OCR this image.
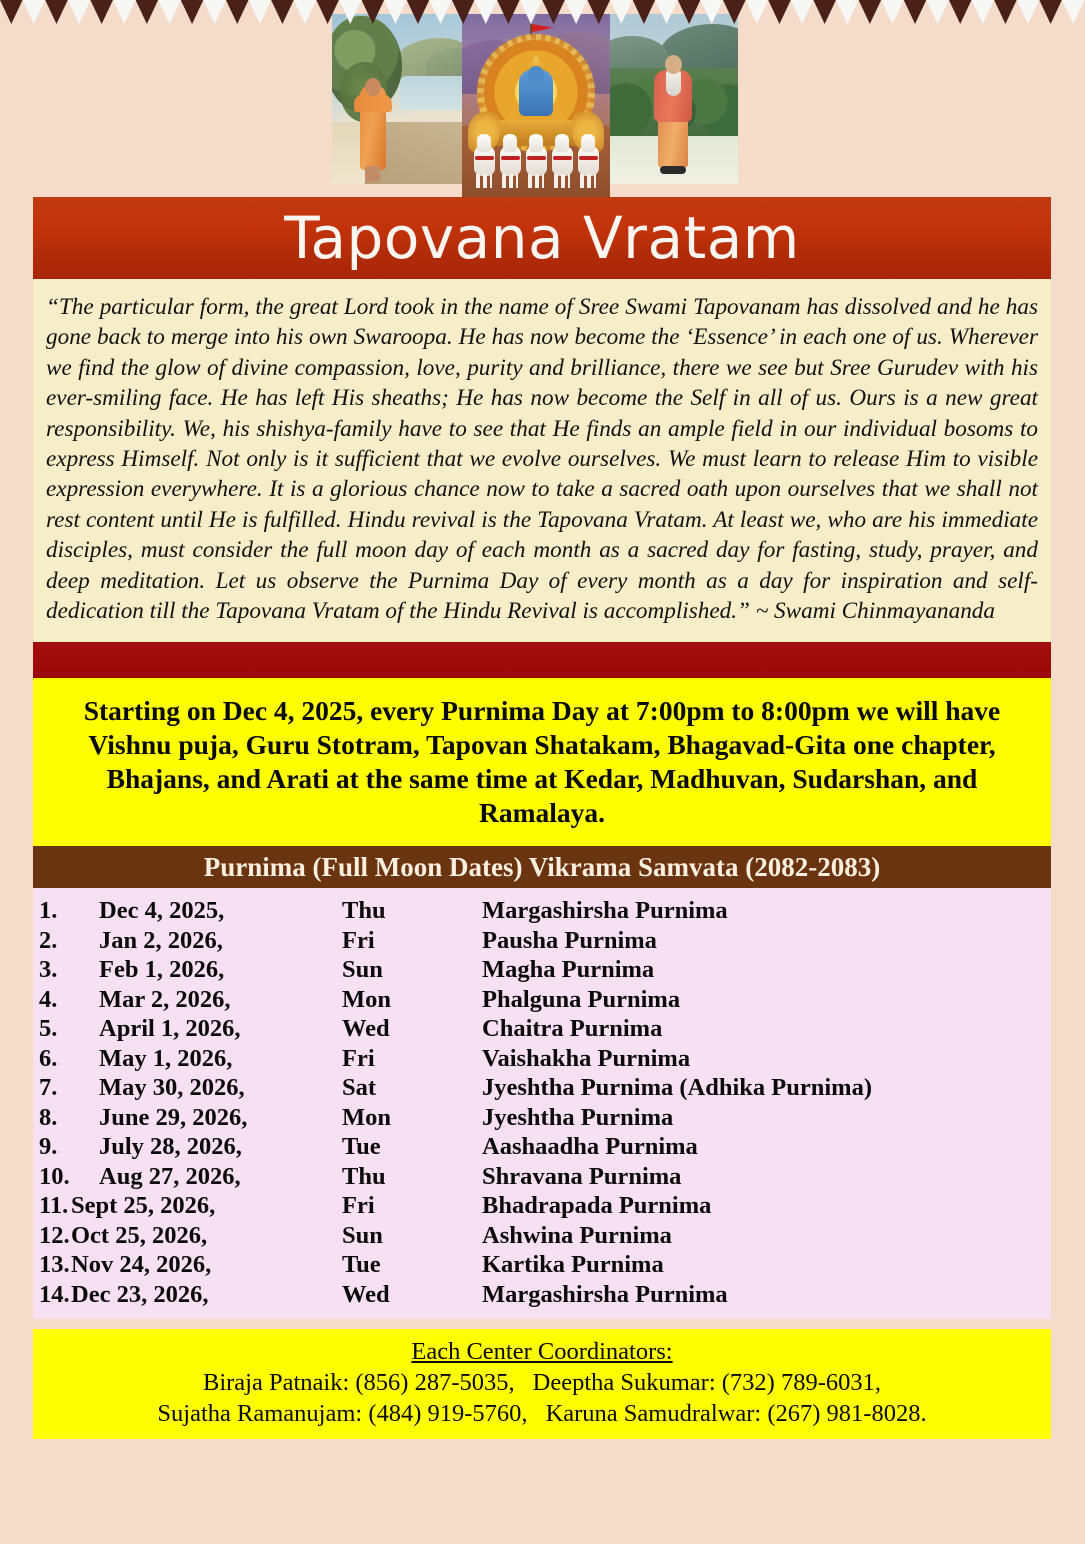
Tapovana Vratam

“The particular form, the great Lord took in the name of Sree Swami Tapovanam has dissolved and he has gone back to merge into his own Swaroopa. He has now become the ‘Essence’ in each one of us. Wherever we find the glow of divine compassion, love, purity and brilliance, there we see but Sree Gurudev with his ever-smiling face. He has left His sheaths; He has now become the Self in all of us. Ours is a new great responsibility. We, his shishya-family have to see that He finds an ample field in our individual bosoms to express Himself. Not only is it sufficient that we evolve ourselves. We must learn to release Him to visible expression everywhere. It is a glorious chance now to take a sacred oath upon ourselves that we shall not rest content until He is fulfilled. Hindu revival is the Tapovana Vratam. At least we, who are his immediate disciples, must consider the full moon day of each month as a sacred day for fasting, study, prayer, and deep meditation. Let us observe the Purnima Day of every month as a day for inspiration and self-dedication till the Tapovana Vratam of the Hindu Revival is accomplished.” ~ Swami Chinmayananda

Starting on Dec 4, 2025, every Purnima Day at 7:00pm to 8:00pm we will have Vishnu puja, Guru Stotram, Tapovan Shatakam, Bhagavad-Gita one chapter, Bhajans, and Arati at the same time at Kedar, Madhuvan, Sudarshan, and Ramalaya.

Purnima (Full Moon Dates) Vikrama Samvata (2082-2083)
1.	Dec 4, 2025,	Thu	Margashirsha Purnima
2.	Jan 2, 2026,	Fri	Pausha Purnima
3.	Feb 1, 2026,	Sun	Magha Purnima
4.	Mar 2, 2026,	Mon	Phalguna Purnima
5.	April 1, 2026,	Wed	Chaitra Purnima
6.	May 1, 2026,	Fri	Vaishakha Purnima
7.	May 30, 2026,	Sat	Jyeshtha Purnima (Adhika Purnima)
8.	June 29, 2026,	Mon	Jyeshtha Purnima
9.	July 28, 2026,	Tue	Aashaadha Purnima
10.	Aug 27, 2026,	Thu	Shravana Purnima
11. Sept 25, 2026,	Fri	Bhadrapada Purnima
12. Oct 25, 2026,	Sun	Ashwina Purnima
13. Nov 24, 2026,	Tue	Kartika Purnima
14. Dec 23, 2026,	Wed	Margashirsha Purnima
Each Center Coordinators:
Biraja Patnaik: (856) 287-5035, Deeptha Sukumar: (732) 789-6031,
Sujatha Ramanujam: (484) 919-5760, Karuna Samudralwar: (267) 981-8028.
